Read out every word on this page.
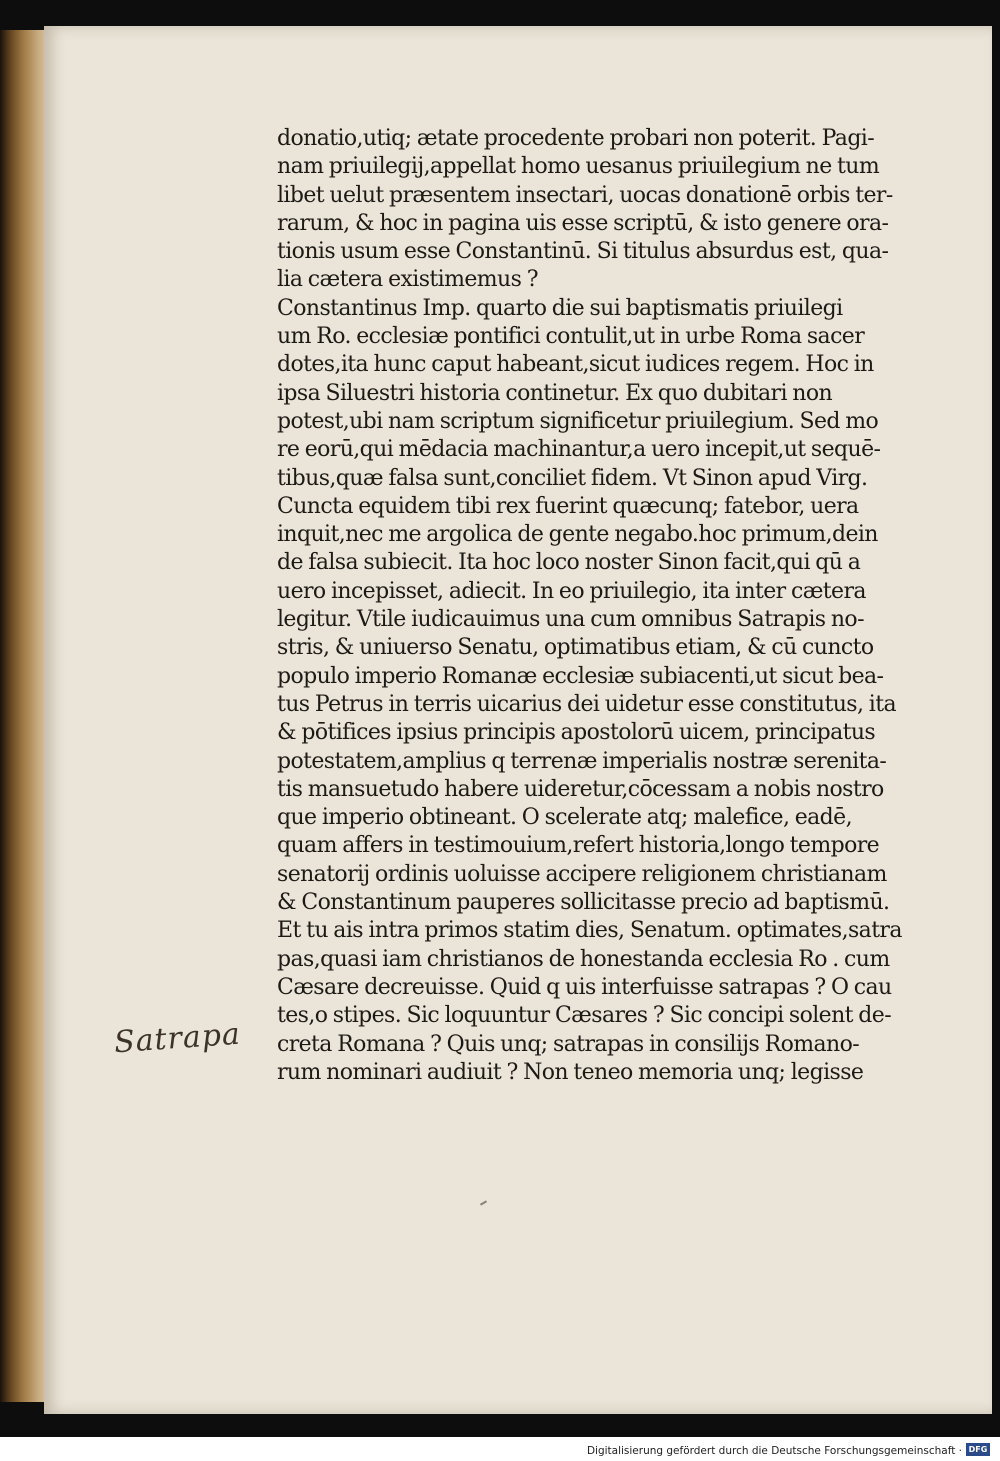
donatio,utiq; ætate procedente probari non poterit. Pagi-
nam priuilegij,appellat homo uesanus priuilegium ne tum
libet uelut præsentem insectari, uocas donationē orbis ter-
rarum, & hoc in pagina uis esse scriptū, & isto genere ora-
tionis usum esse Constantinū. Si titulus absurdus est, qua-
lia cætera existimemus ?
Constantinus Imp. quarto die sui baptismatis priuilegi
um Ro. ecclesiæ pontifici contulit,ut in urbe Roma sacer
dotes,ita hunc caput habeant,sicut iudices regem. Hoc in
ipsa Siluestri historia continetur. Ex quo dubitari non
potest,ubi nam scriptum significetur priuilegium. Sed mo
re eorū,qui mēdacia machinantur,a uero incepit,ut sequē-
tibus,quæ falsa sunt,conciliet fidem. Vt Sinon apud Virg.
Cuncta equidem tibi rex fuerint quæcunq; fatebor, uera
inquit,nec me argolica de gente negabo.hoc primum,dein
de falsa subiecit. Ita hoc loco noster Sinon facit,qui qū a
uero incepisset, adiecit. In eo priuilegio, ita inter cætera
legitur. Vtile iudicauimus una cum omnibus Satrapis no-
stris, & uniuerso Senatu, optimatibus etiam, & cū cuncto
populo imperio Romanæ ecclesiæ subiacenti,ut sicut bea-
tus Petrus in terris uicarius dei uidetur esse constitutus, ita
& pōtifices ipsius principis apostolorū uicem, principatus
potestatem,amplius q terrenæ imperialis nostræ serenita-
tis mansuetudo habere uideretur,cōcessam a nobis nostro
que imperio obtineant. O scelerate atq; malefice, eadē,
quam affers in testimouium,refert historia,longo tempore
senatorij ordinis uoluisse accipere religionem christianam
& Constantinum pauperes sollicitasse precio ad baptismū.
Et tu ais intra primos statim dies, Senatum. optimates,satra
pas,quasi iam christianos de honestanda ecclesia Ro . cum
Cæsare decreuisse. Quid q uis interfuisse satrapas ? O cau
tes,o stipes. Sic loquuntur Cæsares ? Sic concipi solent de-
creta Romana ? Quis unq; satrapas in consilijs Romano-
rum nominari audiuit ? Non teneo memoria unq; legisse
Satrapa
Digitalisierung gefördert durch die Deutsche Forschungsgemeinschaft · DFG
